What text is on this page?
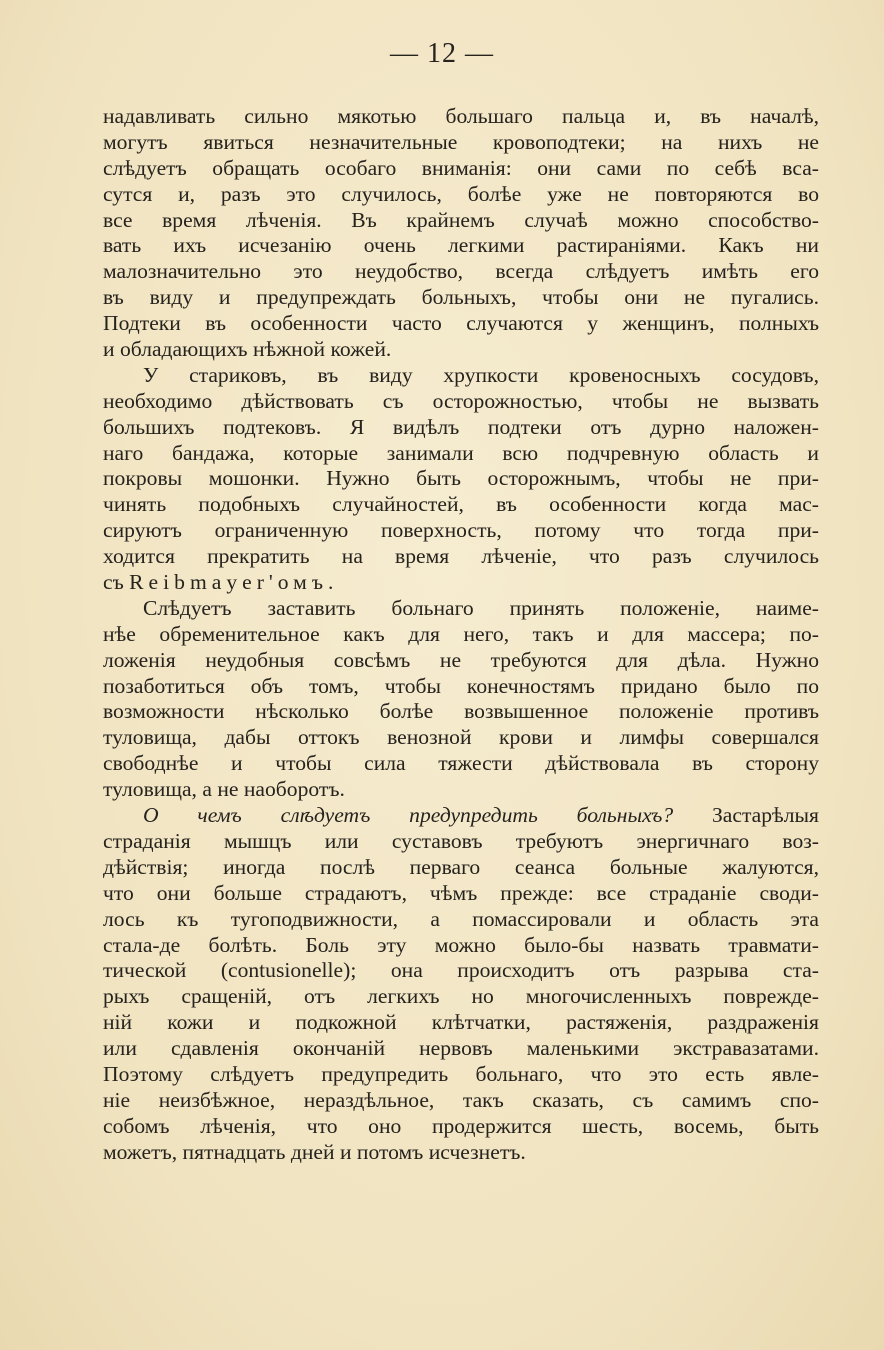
— 12 —
надавливать сильно мякотью большаго пальца и, въ началѣ,
могутъ явиться незначительные кровоподтеки; на нихъ не
слѣдуетъ обращать особаго вниманія: они сами по себѣ вса-
сутся и, разъ это случилось, болѣе уже не повторяются во
все время лѣченія. Въ крайнемъ случаѣ можно способство-
вать ихъ исчезанію очень легкими растираніями. Какъ ни
малозначительно это неудобство, всегда слѣдуетъ имѣть его
въ виду и предупреждать больныхъ, чтобы они не пугались.
Подтеки въ особенности часто случаются у женщинъ, полныхъ
и обладающихъ нѣжной кожей.
У стариковъ, въ виду хрупкости кровеносныхъ сосудовъ,
необходимо дѣйствовать съ осторожностью, чтобы не вызвать
большихъ подтековъ. Я видѣлъ подтеки отъ дурно наложен-
наго бандажа, которые занимали всю подчревную область и
покровы мошонки. Нужно быть осторожнымъ, чтобы не при-
чинять подобныхъ случайностей, въ особенности когда мас-
сируютъ ограниченную поверхность, потому что тогда при-
ходится прекратить на время лѣченіе, что разъ случилось
съ Reibmayer'омъ.
Слѣдуетъ заставить больнаго принять положеніе, наиме-
нѣе обременительное какъ для него, такъ и для массера; по-
ложенія неудобныя совсѣмъ не требуются для дѣла. Нужно
позаботиться объ томъ, чтобы конечностямъ придано было по
возможности нѣсколько болѣе возвышенное положеніе противъ
туловища, дабы оттокъ венозной крови и лимфы совершался
свободнѣе и чтобы сила тяжести дѣйствовала въ сторону
туловища, а не наоборотъ.
О чемъ слѣдуетъ предупредить больныхъ? Застарѣлыя
страданія мышцъ или суставовъ требуютъ энергичнаго воз-
дѣйствія; иногда послѣ перваго сеанса больные жалуются,
что они больше страдаютъ, чѣмъ прежде: все страданіе своди-
лось къ тугоподвижности, а помассировали и область эта
стала-де болѣть. Боль эту можно было-бы назвать травмати-
тической (contusionelle); она происходитъ отъ разрыва ста-
рыхъ сращеній, отъ легкихъ но многочисленныхъ поврежде-
ній кожи и подкожной клѣтчатки, растяженія, раздраженія
или сдавленія окончаній нервовъ маленькими экстравазатами.
Поэтому слѣдуетъ предупредить больнаго, что это есть явле-
ніе неизбѣжное, нераздѣльное, такъ сказать, съ самимъ спо-
собомъ лѣченія, что оно продержится шесть, восемь, быть
можетъ, пятнадцать дней и потомъ исчезнетъ.
